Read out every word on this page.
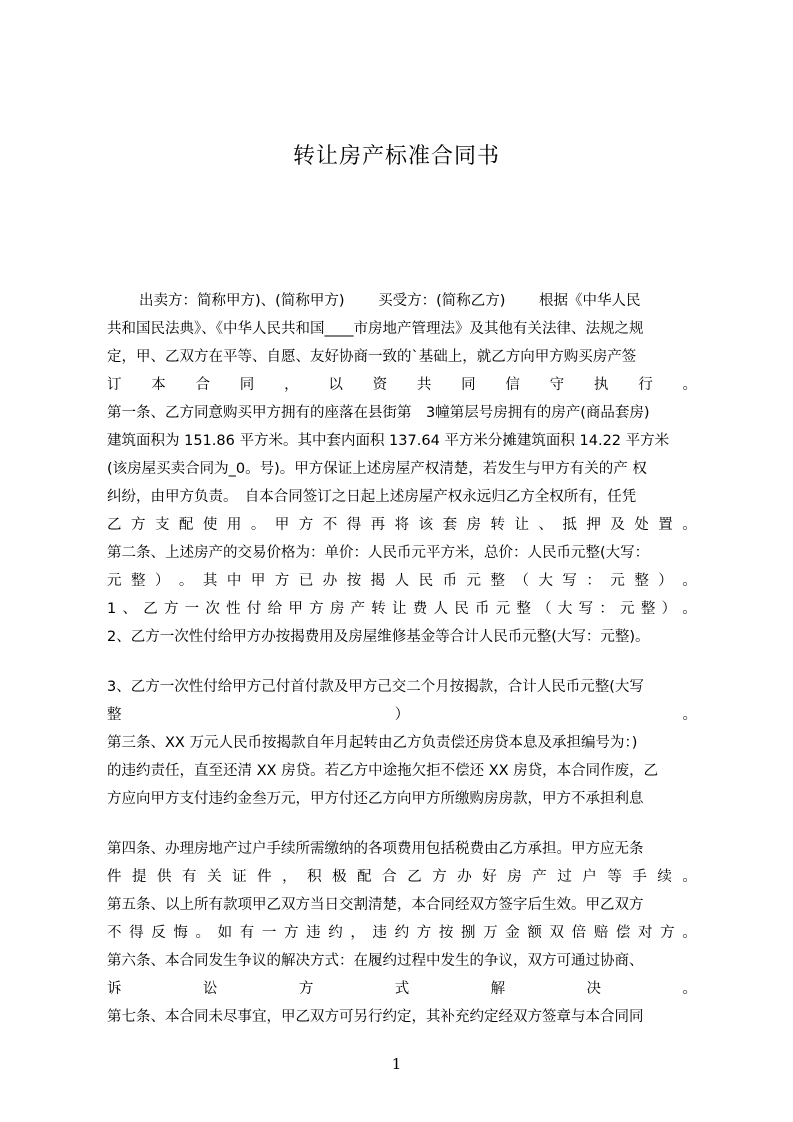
转让房产标准合同书
出卖方：简称甲方)、(简称甲方)　　 买受方：(简称乙方)　　 根据《中华人民
共和国民法典》、《中华人民共和国____市房地产管理法》及其他有关法律、法规之规
定，甲、乙双方在平等、自愿、友好协商一致的`基础上，就乙方向甲方购买房产签
订 本 合 同 ， 以 资 共 同 信 守 执 行 。
第一条、乙方同意购买甲方拥有的座落在县街第　3幢第层号房拥有的房产(商品套房)
建筑面积为 151.86 平方米。其中套内面积 137.64 平方米分摊建筑面积 14.22 平方米
(该房屋买卖合同为_0。号)。甲方保证上述房屋产权清楚，若发生与甲方有关的产 权
纠纷，由甲方负责。　自本合同签订之日起上述房屋产权永远归乙方全权所有，任凭
乙 方 支 配 使 用 。 甲 方 不 得 再 将 该 套 房 转 让 、 抵 押 及 处 置 。
第二条、上述房产的交易价格为：单价：人民币元平方米，总价：人民币元整(大写：
元 整 ） 。 其 中 甲 方 已 办 按 揭 人 民 币 元 整 （ 大 写 ： 元 整 ） 。
1 、 乙 方 一 次 性 付 给 甲 方 房 产 转 让 费 人 民 币 元 整 （ 大 写 ： 元 整 ） 。
2、乙方一次性付给甲方办按揭费用及房屋维修基金等合计人民币元整(大写：元整)。
3、乙方一次性付给甲方己付首付款及甲方己交二个月按揭款，合计人民币元整(大写
整	）	。
第三条、XX 万元人民币按揭款自年月起转由乙方负责偿还房贷本息及承担编号为：)
的违约责任，直至还清 XX 房贷。若乙方中途拖欠拒不偿还 XX 房贷，本合同作废，乙
方应向甲方支付违约金叁万元，甲方付还乙方向甲方所缴购房房款，甲方不承担利息
第四条、办理房地产过户手续所需缴纳的各项费用包括税费由乙方承担。甲方应无条
件 提 供 有 关 证 件 ， 积 极 配 合 乙 方 办 好 房 产 过 户 等 手 续 。
第五条、以上所有款项甲乙双方当日交割清楚，本合同经双方签字后生效。甲乙双方
不 得 反 悔 。 如 有 一 方 违 约 ， 违 约 方 按 捌 万 金 额 双 倍 赔 偿 对 方 。
第六条、本合同发生争议的解决方式：在履约过程中发生的争议，双方可通过协商、
诉	讼	方	式	解	决	。
第七条、本合同未尽事宜，甲乙双方可另行约定，其补充约定经双方签章与本合同同
1
